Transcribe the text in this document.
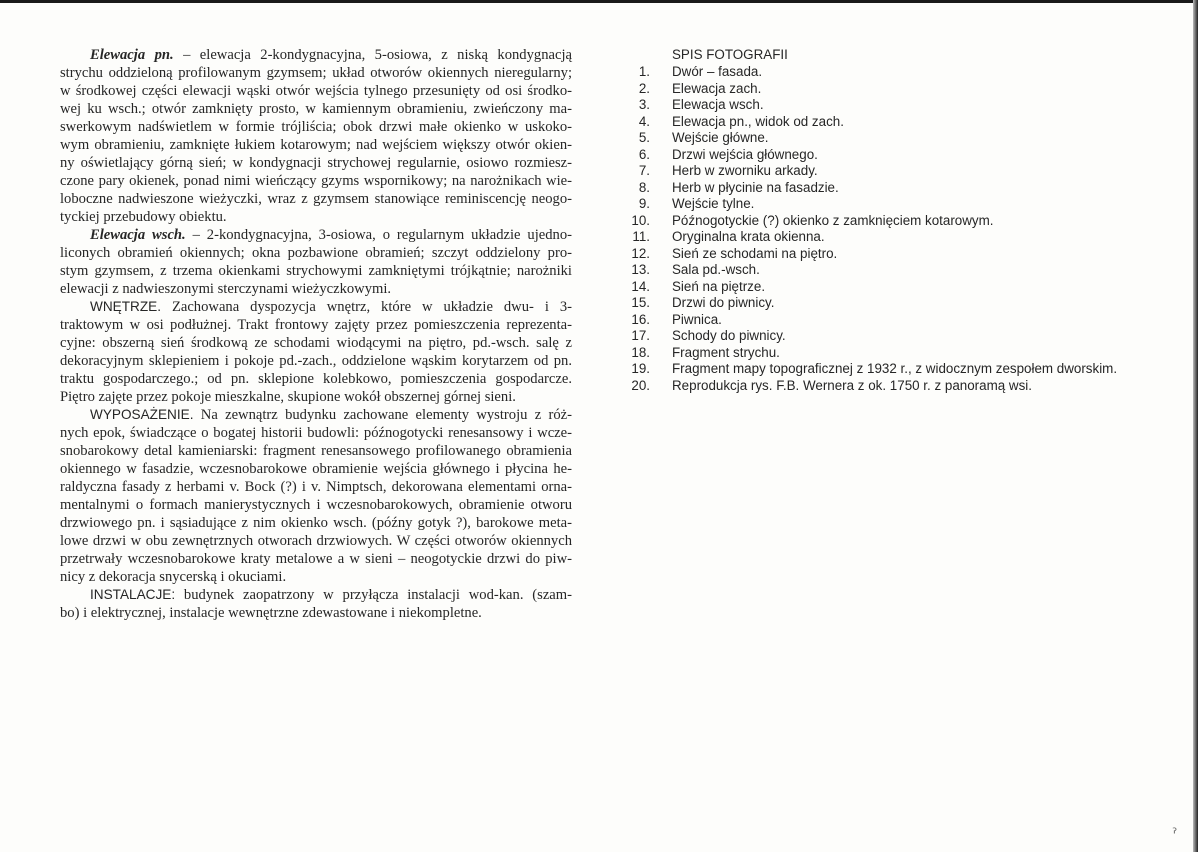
Elewacja pn. – elewacja 2-kondygnacyjna, 5-osiowa, z niską kondygnacją
strychu oddzieloną profilowanym gzymsem; układ otworów okiennych nieregularny;
w środkowej części elewacji wąski otwór wejścia tylnego przesunięty od osi środko-
wej ku wsch.; otwór zamknięty prosto, w kamiennym obramieniu, zwieńczony ma-
swerkowym nadświetlem w formie trójliścia; obok drzwi małe okienko w uskoko-
wym obramieniu, zamknięte łukiem kotarowym; nad wejściem większy otwór okien-
ny oświetlający górną sień; w kondygnacji strychowej regularnie, osiowo rozmiesz-
czone pary okienek, ponad nimi wieńczący gzyms wspornikowy; na narożnikach wie-
loboczne nadwieszone wieżyczki, wraz z gzymsem stanowiące reminiscencję neogo-
tyckiej przebudowy obiektu.
Elewacja wsch. – 2-kondygnacyjna, 3-osiowa, o regularnym układzie ujedno-
liconych obramień okiennych; okna pozbawione obramień; szczyt oddzielony pro-
stym gzymsem, z trzema okienkami strychowymi zamkniętymi trójkątnie; narożniki
elewacji z nadwieszonymi sterczynami wieżyczkowymi.
WNĘTRZE. Zachowana dyspozycja wnętrz, które w układzie dwu- i 3-
traktowym w osi podłużnej. Trakt frontowy zajęty przez pomieszczenia reprezenta-
cyjne: obszerną sień środkową ze schodami wiodącymi na piętro, pd.-wsch. salę z
dekoracyjnym sklepieniem i pokoje pd.-zach., oddzielone wąskim korytarzem od pn.
traktu gospodarczego.; od pn. sklepione kolebkowo, pomieszczenia gospodarcze.
Piętro zajęte przez pokoje mieszkalne, skupione wokół obszernej górnej sieni.
WYPOSAŻENIE. Na zewnątrz budynku zachowane elementy wystroju z róż-
nych epok, świadczące o bogatej historii budowli: późnogotycki renesansowy i wcze-
snobarokowy detal kamieniarski: fragment renesansowego profilowanego obramienia
okiennego w fasadzie, wczesnobarokowe obramienie wejścia głównego i płycina he-
raldyczna fasady z herbami v. Bock (?) i v. Nimptsch, dekorowana elementami orna-
mentalnymi o formach manierystycznych i wczesnobarokowych, obramienie otworu
drzwiowego pn. i sąsiadujące z nim okienko wsch. (późny gotyk ?), barokowe meta-
lowe drzwi w obu zewnętrznych otworach drzwiowych. W części otworów okiennych
przetrwały wczesnobarokowe kraty metalowe a w sieni – neogotyckie drzwi do piw-
nicy z dekoracja snycerską i okuciami.
INSTALACJE: budynek zaopatrzony w przyłącza instalacji wod-kan. (szam-
bo) i elektrycznej, instalacje wewnętrzne zdewastowane i niekompletne.
SPIS FOTOGRAFII
1. Dwór – fasada.
2. Elewacja zach.
3. Elewacja wsch.
4. Elewacja pn., widok od zach.
5. Wejście główne.
6. Drzwi wejścia głównego.
7. Herb w zworniku arkady.
8. Herb w płycinie na fasadzie.
9. Wejście tylne.
10. Późnogotyckie (?) okienko z zamknięciem kotarowym.
11. Oryginalna krata okienna.
12. Sień ze schodami na piętro.
13. Sala pd.-wsch.
14. Sień na piętrze.
15. Drzwi do piwnicy.
16. Piwnica.
17. Schody do piwnicy.
18. Fragment strychu.
19. Fragment mapy topograficznej z 1932 r., z widocznym zespołem dworskim.
20. Reprodukcja rys. F.B. Wernera z ok. 1750 r. z panoramą wsi.
ˀ
